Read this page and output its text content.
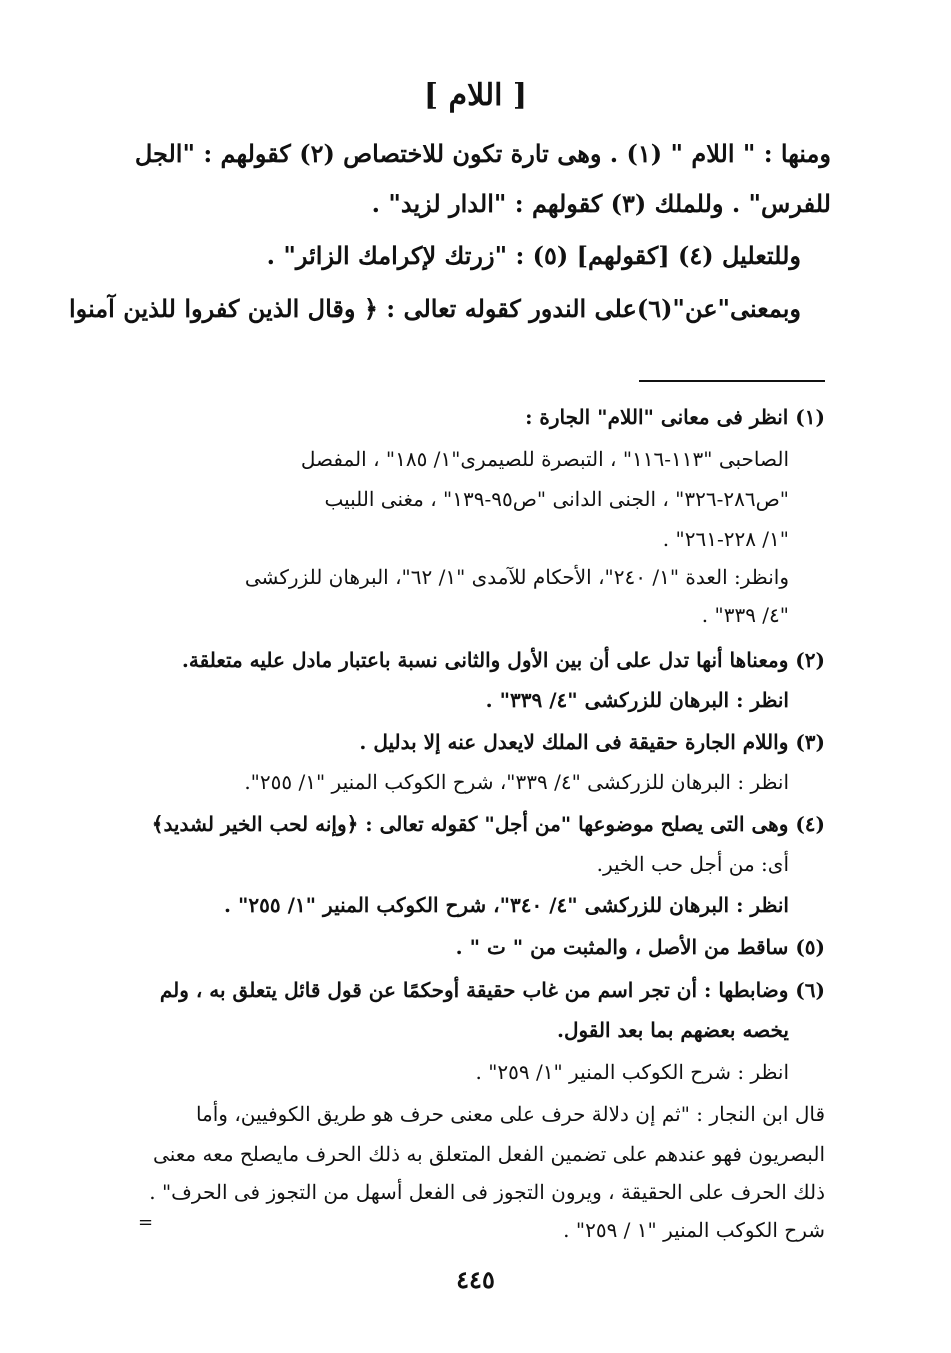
[ اللام ]
ومنها : " اللام " (١) . وهى تارة تكون للاختصاص (٢) كقولهم : "الجل
للفرس" . وللملك (٣) كقولهم : "الدار لزيد" .
وللتعليل (٤) [كقولهم] (٥) : "زرتك لإكرامك الزائر" .
وبمعنى"عن"(٦)على الندور كقوله تعالى : ﴿ وقال الذين كفروا للذين آمنوا
(١) انظر فى معانى "اللام" الجارة :
الصاحبى "١١٣-١١٦" ، التبصرة للصيمرى"١/ ١٨٥" ، المفصل
"ص٢٨٦-٣٢٦" ، الجنى الدانى "ص٩٥-١٣٩" ، مغنى اللبيب
"١/ ٢٢٨-٢٦١" .
وانظر: العدة "١/ ٢٤٠"، الأحكام للآمدى "١/ ٦٢"، البرهان للزركشى
"٤/ ٣٣٩" .
(٢) ومعناها أنها تدل على أن بين الأول والثانى نسبة باعتبار مادل عليه متعلقة.
انظر : البرهان للزركشى "٤/ ٣٣٩" .
(٣) واللام الجارة حقيقة فى الملك لايعدل عنه إلا بدليل .
انظر : البرهان للزركشى "٤/ ٣٣٩"، شرح الكوكب المنير "١/ ٢٥٥".
(٤) وهى التى يصلح موضوعها "من أجل" كقوله تعالى : ﴿وإنه لحب الخير لشديد﴾
أى: من أجل حب الخير.
انظر : البرهان للزركشى "٤/ ٣٤٠"، شرح الكوكب المنير "١/ ٢٥٥" .
(٥) ساقط من الأصل ، والمثبت من " ت " .
(٦) وضابطها : أن تجر اسم من غاب حقيقة أوحكمًا عن قول قائل يتعلق به ، ولم
يخصه بعضهم بما بعد القول.
انظر : شرح الكوكب المنير "١/ ٢٥٩" .
قال ابن النجار : "ثم إن دلالة حرف على معنى حرف هو طريق الكوفيين، وأما
البصريون فهو عندهم على تضمين الفعل المتعلق به ذلك الحرف مايصلح معه معنى
ذلك الحرف على الحقيقة ، ويرون التجوز فى الفعل أسهل من التجوز فى الحرف" .
شرح الكوكب المنير "١ / ٢٥٩" .
=
٤٤٥
